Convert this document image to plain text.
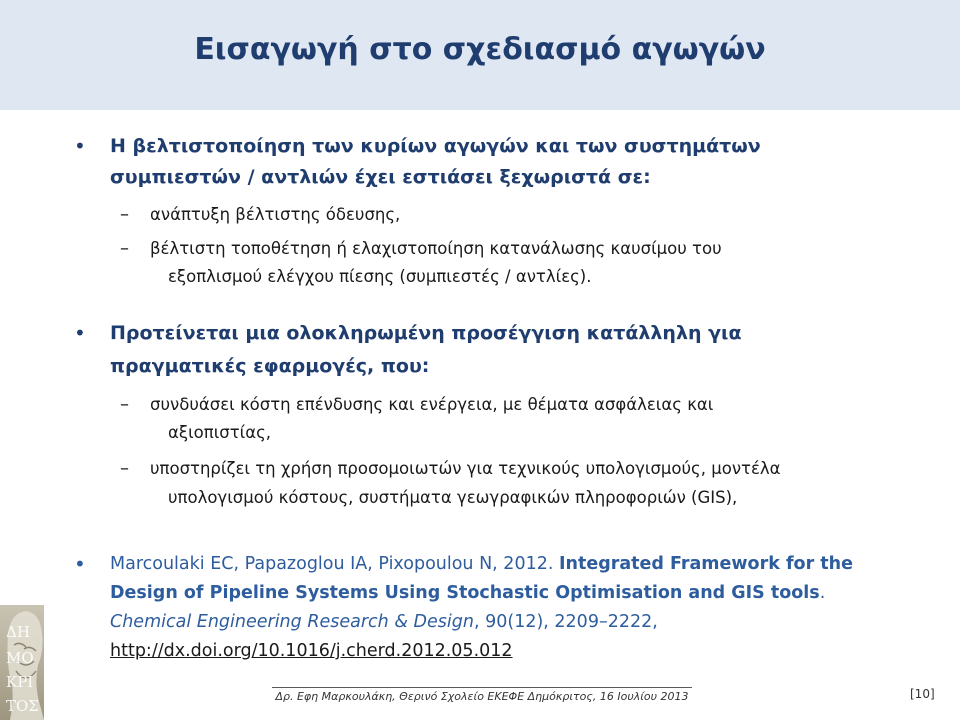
Εισαγωγή στο σχεδιασμό αγωγών
• Η βελτιστοποίηση των κυρίων αγωγών και των συστημάτων
συμπιεστών / αντλιών έχει εστιάσει ξεχωριστά σε:
– ανάπτυξη βέλτιστης όδευσης,
– βέλτιστη τοποθέτηση ή ελαχιστοποίηση κατανάλωσης καυσίμου του
εξοπλισμού ελέγχου πίεσης (συμπιεστές / αντλίες).
• Προτείνεται μια ολοκληρωμένη προσέγγιση κατάλληλη για
πραγματικές εφαρμογές, που:
– συνδυάσει κόστη επένδυσης και ενέργεια, με θέματα ασφάλειας και
αξιοπιστίας,
– υποστηρίζει τη χρήση προσομοιωτών για τεχνικούς υπολογισμούς, μοντέλα
υπολογισμού κόστους, συστήματα γεωγραφικών πληροφοριών (GIS),
• Marcoulaki EC, Papazoglou IA, Pixopoulou N, 2012. Integrated Framework for the
Design of Pipeline Systems Using Stochastic Optimisation and GIS tools.
Chemical Engineering Research & Design, 90(12), 2209–2222,
http://dx.doi.org/10.1016/j.cherd.2012.05.012
ΔΗ
ΜΟ
ΚΡΙ
ΤΟΣ
Δρ. Εφη Μαρκουλάκη, Θερινό Σχολείο ΕΚΕΦΕ Δημόκριτος, 16 Ιουλίου 2013	[10]
